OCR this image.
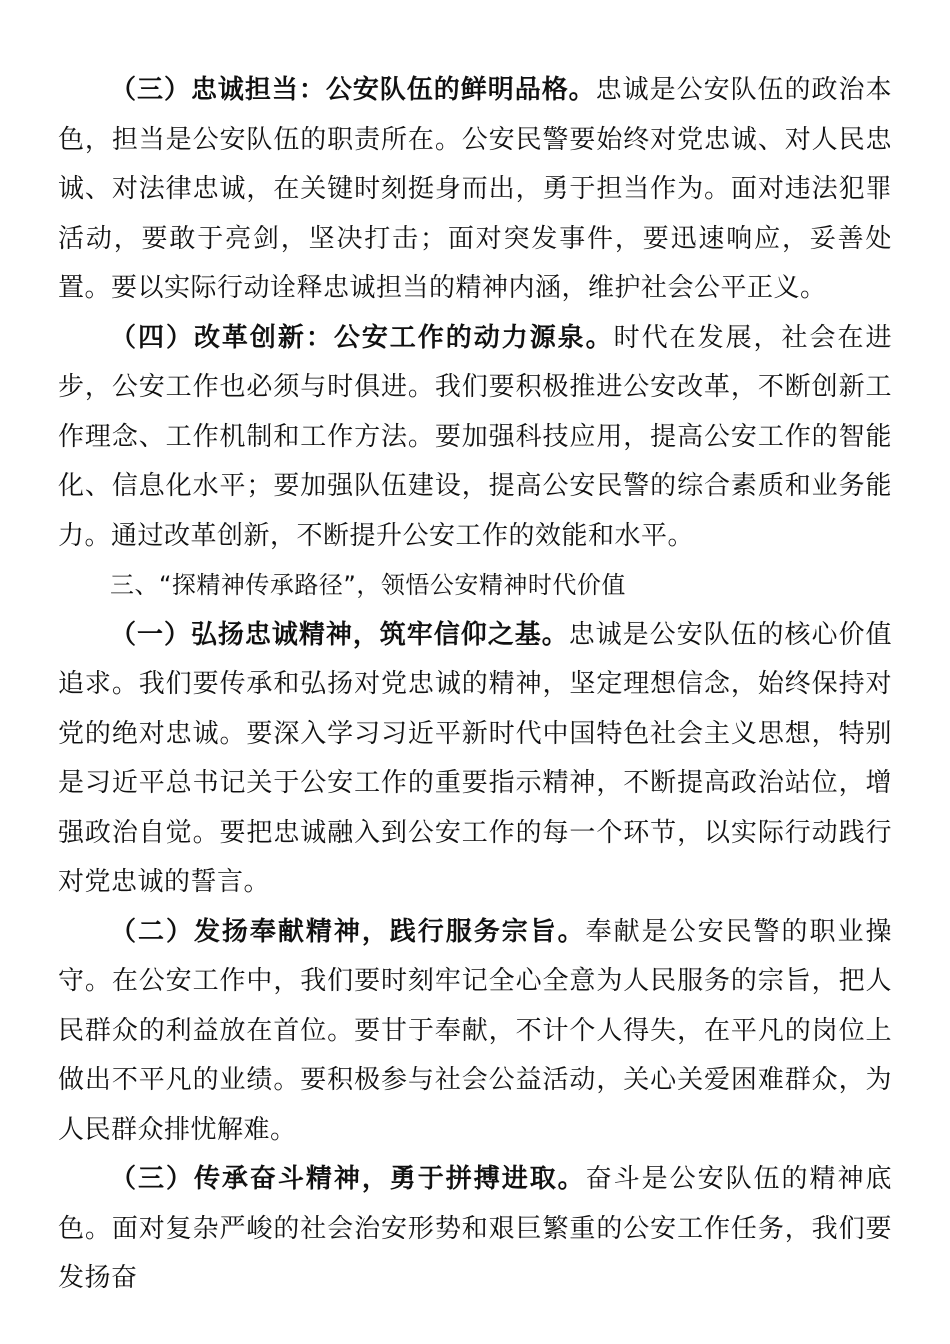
（三）忠诚担当：公安队伍的鲜明品格。忠诚是公安队伍的政治本色，担当是公安队伍的职责所在。公安民警要始终对党忠诚、对人民忠诚、对法律忠诚，在关键时刻挺身而出，勇于担当作为。面对违法犯罪活动，要敢于亮剑，坚决打击；面对突发事件，要迅速响应，妥善处置。要以实际行动诠释忠诚担当的精神内涵，维护社会公平正义。

（四）改革创新：公安工作的动力源泉。时代在发展，社会在进步，公安工作也必须与时俱进。我们要积极推进公安改革，不断创新工作理念、工作机制和工作方法。要加强科技应用，提高公安工作的智能化、信息化水平；要加强队伍建设，提高公安民警的综合素质和业务能力。通过改革创新，不断提升公安工作的效能和水平。

三、“探精神传承路径”，领悟公安精神时代价值

（一）弘扬忠诚精神，筑牢信仰之基。忠诚是公安队伍的核心价值追求。我们要传承和弘扬对党忠诚的精神，坚定理想信念，始终保持对党的绝对忠诚。要深入学习习近平新时代中国特色社会主义思想，特别是习近平总书记关于公安工作的重要指示精神，不断提高政治站位，增强政治自觉。要把忠诚融入到公安工作的每一个环节，以实际行动践行对党忠诚的誓言。

（二）发扬奉献精神，践行服务宗旨。奉献是公安民警的职业操守。在公安工作中，我们要时刻牢记全心全意为人民服务的宗旨，把人民群众的利益放在首位。要甘于奉献，不计个人得失，在平凡的岗位上做出不平凡的业绩。要积极参与社会公益活动，关心关爱困难群众，为人民群众排忧解难。

（三）传承奋斗精神，勇于拼搏进取。奋斗是公安队伍的精神底色。面对复杂严峻的社会治安形势和艰巨繁重的公安工作任务，我们要发扬奋
